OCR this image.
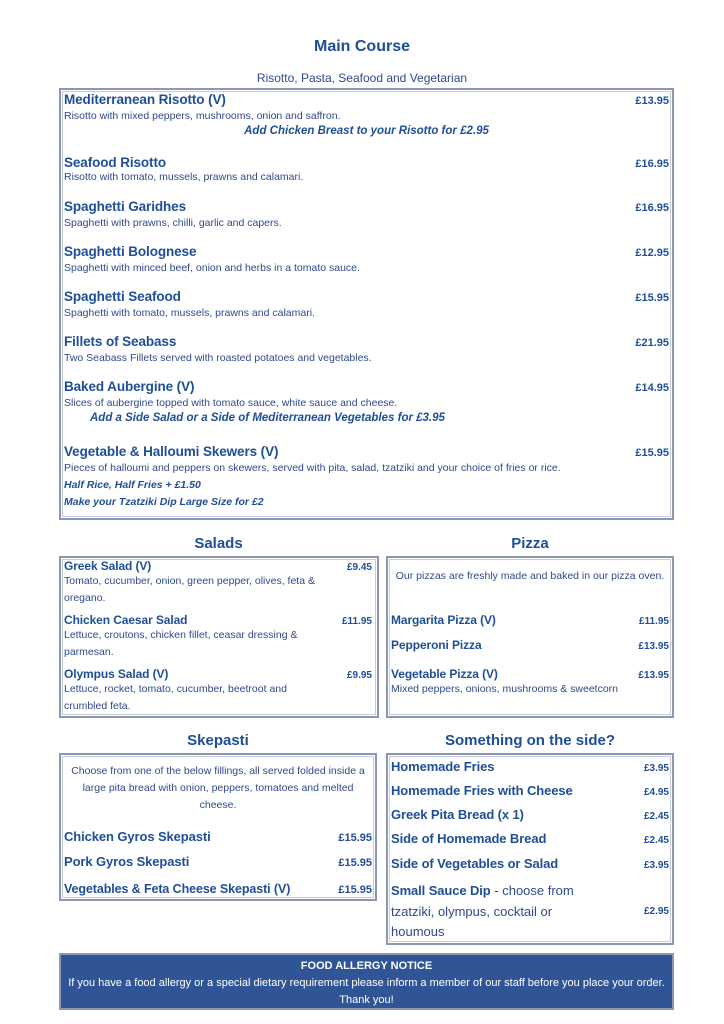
Main Course
Risotto, Pasta, Seafood and Vegetarian
Mediterranean Risotto (V)	£13.95
Risotto with mixed peppers, mushrooms, onion and saffron.
Add Chicken Breast to your Risotto for £2.95
Seafood Risotto	£16.95
Risotto with tomato, mussels, prawns and calamari.
Spaghetti Garidhes	£16.95
Spaghetti with prawns, chilli, garlic and capers.
Spaghetti Bolognese	£12.95
Spaghetti with minced beef, onion and herbs in a tomato sauce.
Spaghetti Seafood	£15.95
Spaghetti with tomato, mussels, prawns and calamari.
Fillets of Seabass	£21.95
Two Seabass Fillets served with roasted potatoes and vegetables.
Baked Aubergine (V)	£14.95
Slices of aubergine topped with tomato sauce, white sauce and cheese.
Add a Side Salad or a Side of Mediterranean Vegetables for £3.95
Vegetable & Halloumi Skewers (V)	£15.95
Pieces of halloumi and peppers on skewers, served with pita, salad, tzatziki and your choice of fries or rice.
Half Rice, Half Fries + £1.50
Make your Tzatziki Dip Large Size for £2
Salads
Greek Salad (V)	£9.45
Tomato, cucumber, onion, green pepper, olives, feta & oregano.
Chicken Caesar Salad	£11.95
Lettuce, croutons, chicken fillet, ceasar dressing & parmesan.
Olympus Salad (V)	£9.95
Lettuce, rocket, tomato, cucumber, beetroot and crumbled feta.
Pizza
Our pizzas are freshly made and baked in our pizza oven.
Margarita Pizza (V)	£11.95
Pepperoni Pizza	£13.95
Vegetable Pizza (V)	£13.95
Mixed peppers, onions, mushrooms & sweetcorn
Skepasti
Choose from one of the below fillings, all served folded inside a large pita bread with onion, peppers, tomatoes and melted cheese.
Chicken Gyros Skepasti	£15.95
Pork Gyros Skepasti	£15.95
Vegetables & Feta Cheese Skepasti (V)	£15.95
Something on the side?
Homemade Fries	£3.95
Homemade Fries with Cheese	£4.95
Greek Pita Bread (x 1)	£2.45
Side of Homemade Bread	£2.45
Side of Vegetables or Salad	£3.95
Small Sauce Dip - choose from tzatziki, olympus, cocktail or houmous
£2.95
FOOD ALLERGY NOTICE
If you have a food allergy or a special dietary requirement please inform a member of our staff before you place your order. Thank you!
